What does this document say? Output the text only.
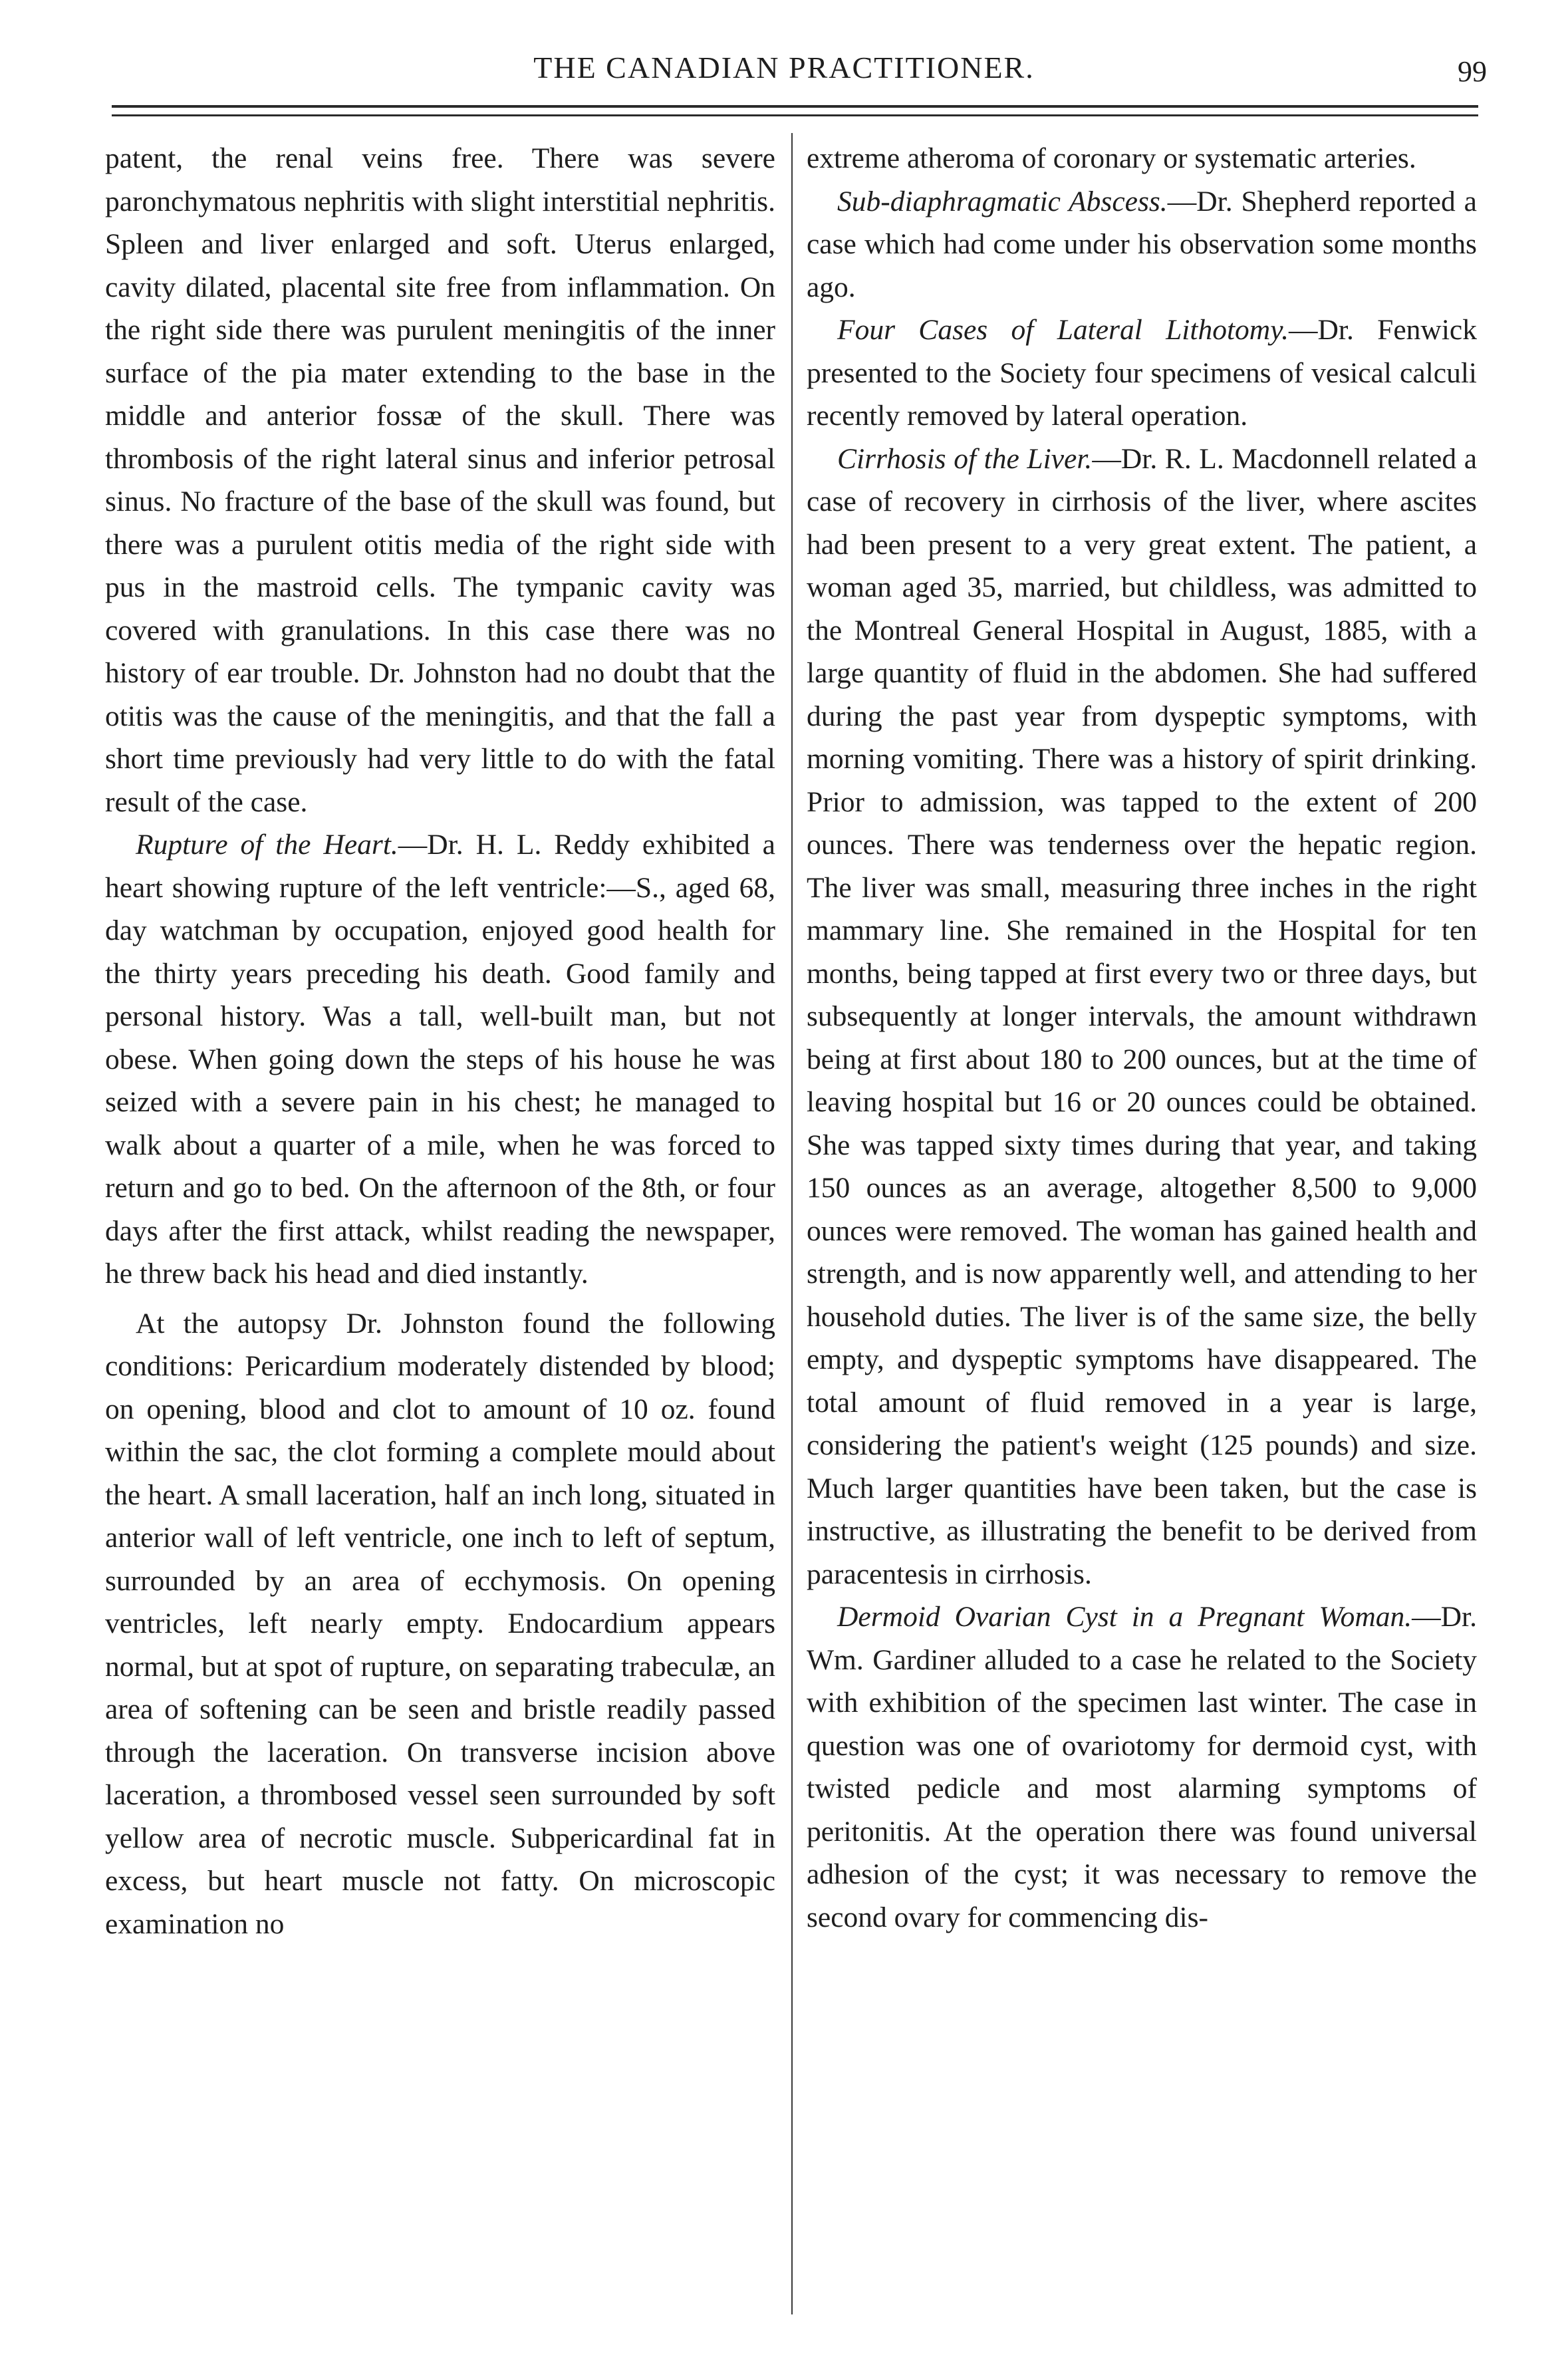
THE CANADIAN PRACTITIONER.	99

patent, the renal veins free. There was severe paronchymatous nephritis with slight interstitial nephritis. Spleen and liver enlarged and soft. Uterus enlarged, cavity dilated, placental site free from inflammation. On the right side there was purulent meningitis of the inner surface of the pia mater extending to the base in the middle and anterior fossæ of the skull. There was thrombosis of the right lateral sinus and inferior petrosal sinus. No fracture of the base of the skull was found, but there was a purulent otitis media of the right side with pus in the mastroid cells. The tympanic cavity was covered with granulations. In this case there was no history of ear trouble. Dr. Johnston had no doubt that the otitis was the cause of the meningitis, and that the fall a short time previously had very little to do with the fatal result of the case.

Rupture of the Heart.—Dr. H. L. Reddy exhibited a heart showing rupture of the left ventricle:—S., aged 68, day watchman by occupation, enjoyed good health for the thirty years preceding his death. Good family and personal history. Was a tall, well-built man, but not obese. When going down the steps of his house he was seized with a severe pain in his chest; he managed to walk about a quarter of a mile, when he was forced to return and go to bed. On the afternoon of the 8th, or four days after the first attack, whilst reading the newspaper, he threw back his head and died instantly.

At the autopsy Dr. Johnston found the following conditions: Pericardium moderately distended by blood; on opening, blood and clot to amount of 10 oz. found within the sac, the clot forming a complete mould about the heart. A small laceration, half an inch long, situated in anterior wall of left ventricle, one inch to left of septum, surrounded by an area of ecchymosis. On opening ventricles, left nearly empty. Endocardium appears normal, but at spot of rupture, on separating trabeculæ, an area of softening can be seen and bristle readily passed through the laceration. On transverse incision above laceration, a thrombosed vessel seen surrounded by soft yellow area of necrotic muscle. Subpericardinal fat in excess, but heart muscle not fatty. On microscopic examination no

extreme atheroma of coronary or systematic arteries.

Sub-diaphragmatic Abscess.—Dr. Shepherd reported a case which had come under his observation some months ago.

Four Cases of Lateral Lithotomy.—Dr. Fenwick presented to the Society four specimens of vesical calculi recently removed by lateral operation.

Cirrhosis of the Liver.—Dr. R. L. Macdonnell related a case of recovery in cirrhosis of the liver, where ascites had been present to a very great extent. The patient, a woman aged 35, married, but childless, was admitted to the Montreal General Hospital in August, 1885, with a large quantity of fluid in the abdomen. She had suffered during the past year from dyspeptic symptoms, with morning vomiting. There was a history of spirit drinking. Prior to admission, was tapped to the extent of 200 ounces. There was tenderness over the hepatic region. The liver was small, measuring three inches in the right mammary line. She remained in the Hospital for ten months, being tapped at first every two or three days, but subsequently at longer intervals, the amount withdrawn being at first about 180 to 200 ounces, but at the time of leaving hospital but 16 or 20 ounces could be obtained. She was tapped sixty times during that year, and taking 150 ounces as an average, altogether 8,500 to 9,000 ounces were removed. The woman has gained health and strength, and is now apparently well, and attending to her household duties. The liver is of the same size, the belly empty, and dyspeptic symptoms have disappeared. The total amount of fluid removed in a year is large, considering the patient's weight (125 pounds) and size. Much larger quantities have been taken, but the case is instructive, as illustrating the benefit to be derived from paracentesis in cirrhosis.

Dermoid Ovarian Cyst in a Pregnant Woman.—Dr. Wm. Gardiner alluded to a case he related to the Society with exhibition of the specimen last winter. The case in question was one of ovariotomy for dermoid cyst, with twisted pedicle and most alarming symptoms of peritonitis. At the operation there was found universal adhesion of the cyst; it was necessary to remove the second ovary for commencing dis-
